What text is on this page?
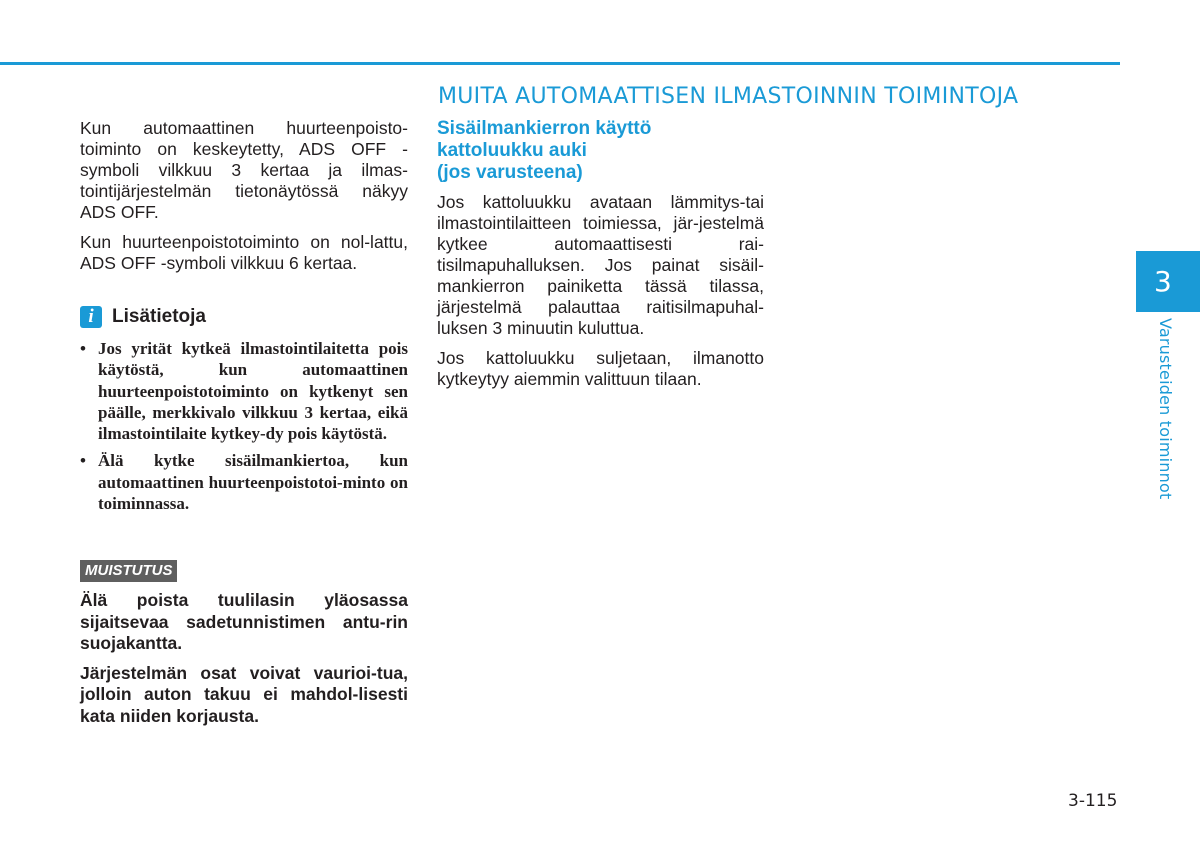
MUITA AUTOMAATTISEN ILMASTOINNIN TOIMINTOJA

Kun automaattinen huurteenpoisto-toiminto on keskeytetty, ADS OFF -symboli vilkkuu 3 kertaa ja ilmas-tointijärjestelmän tietonäytössä näkyy ADS OFF.

Kun huurteenpoistotoiminto on nol-lattu, ADS OFF -symboli vilkkuu 6 kertaa.

i Lisätietoja
• Jos yrität kytkeä ilmastointilaitetta pois käytöstä, kun automaattinen huurteenpoistotoiminto on kytkenyt sen päälle, merkkivalo vilkkuu 3 kertaa, eikä ilmastointilaite kytkey-dy pois käytöstä.
• Älä kytke sisäilmankiertoa, kun automaattinen huurteenpoistotoi-minto on toiminnassa.
MUISTUTUS

Älä poista tuulilasin yläosassa sijaitsevaa sadetunnistimen antu-rin suojakantta.

Järjestelmän osat voivat vaurioi-tua, jolloin auton takuu ei mahdol-lisesti kata niiden korjausta.

Sisäilmankierron käyttö
kattoluukku auki
(jos varusteena)

Jos kattoluukku avataan lämmitys-tai ilmastointilaitteen toimiessa, jär-jestelmä kytkee automaattisesti rai-tisilmapuhalluksen. Jos painat sisäil-mankierron painiketta tässä tilassa, järjestelmä palauttaa raitisilmapuhal-luksen 3 minuutin kuluttua.

Jos kattoluukku suljetaan, ilmanotto kytkeytyy aiemmin valittuun tilaan.

3
Varusteiden toiminnot
3-115
